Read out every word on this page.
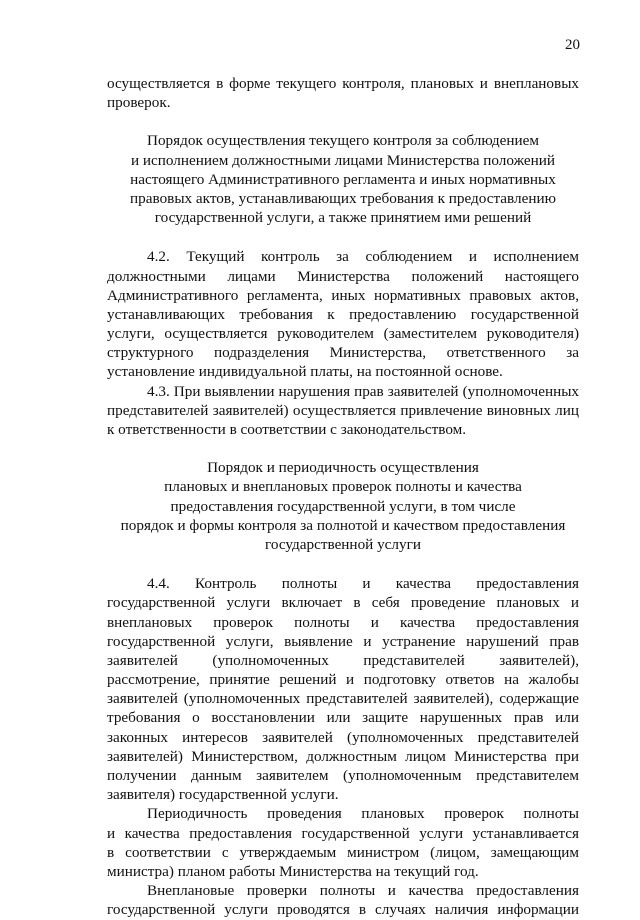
20
осуществляется в форме текущего контроля, плановых и внеплановых
проверок.
Порядок осуществления текущего контроля за соблюдением
и исполнением должностными лицами Министерства положений
настоящего Административного регламента и иных нормативных
правовых актов, устанавливающих требования к предоставлению
государственной услуги, а также принятием ими решений
4.2. Текущий контроль за соблюдением и исполнением
должностными лицами Министерства положений настоящего
Административного регламента, иных нормативных правовых актов,
устанавливающих требования к предоставлению государственной
услуги, осуществляется руководителем (заместителем руководителя)
структурного подразделения Министерства, ответственного за
установление индивидуальной платы, на постоянной основе.
4.3. При выявлении нарушения прав заявителей (уполномоченных
представителей заявителей) осуществляется привлечение виновных лиц
к ответственности в соответствии с законодательством.
Порядок и периодичность осуществления
плановых и внеплановых проверок полноты и качества
предоставления государственной услуги, в том числе
порядок и формы контроля за полнотой и качеством предоставления
государственной услуги
4.4. Контроль полноты и качества предоставления
государственной услуги включает в себя проведение плановых и
внеплановых проверок полноты и качества предоставления
государственной услуги, выявление и устранение нарушений прав
заявителей (уполномоченных представителей заявителей),
рассмотрение, принятие решений и подготовку ответов на жалобы
заявителей (уполномоченных представителей заявителей), содержащие
требования о восстановлении или защите нарушенных прав или
законных интересов заявителей (уполномоченных представителей
заявителей) Министерством, должностным лицом Министерства при
получении данным заявителем (уполномоченным представителем
заявителя) государственной услуги.
Периодичность проведения плановых проверок полноты
и качества предоставления государственной услуги устанавливается
в соответствии с утверждаемым министром (лицом, замещающим
министра) планом работы Министерства на текущий год.
Внеплановые проверки полноты и качества предоставления
государственной услуги проводятся в случаях наличия информации
